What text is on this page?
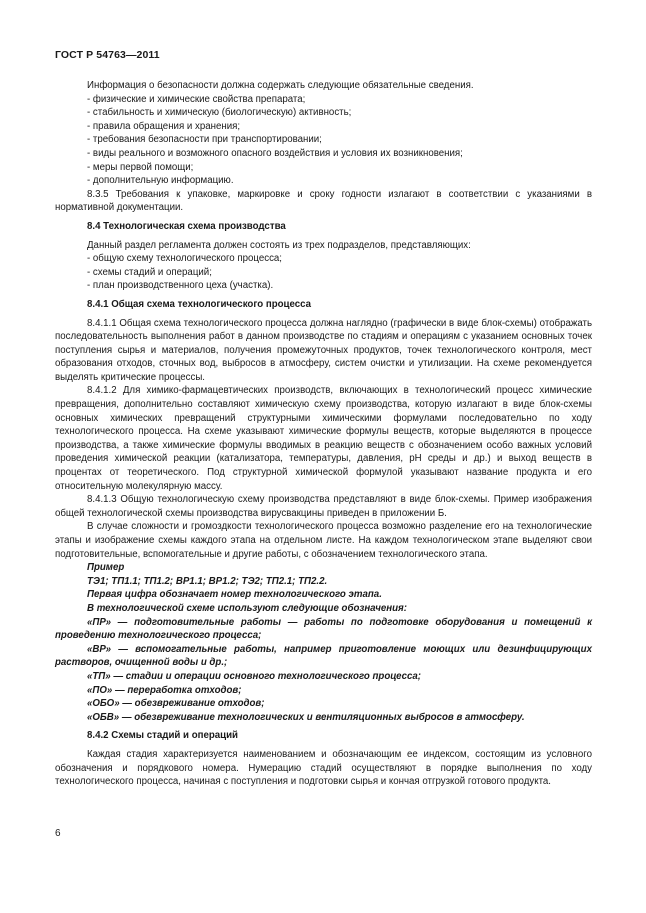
ГОСТ Р 54763—2011

Информация о безопасности должна содержать следующие обязательные сведения.

- физические и химические свойства препарата;

- стабильность и химическую (биологическую) активность;

- правила обращения и хранения;

- требования безопасности при транспортировании;

- виды реального и возможного опасного воздействия и условия их возникновения;

- меры первой помощи;

- дополнительную информацию.

8.3.5 Требования к упаковке, маркировке и сроку годности излагают в соответствии с указаниями в нормативной документации.

8.4 Технологическая схема производства

Данный раздел регламента должен состоять из трех подразделов, представляющих:

- общую схему технологического процесса;

- схемы стадий и операций;

- план производственного цеха (участка).

8.4.1 Общая схема технологического процесса

8.4.1.1 Общая схема технологического процесса должна наглядно (графически в виде блок-схемы) отображать последовательность выполнения работ в данном производстве по стадиям и операциям с указанием основных точек поступления сырья и материалов, получения промежуточных продуктов, точек технологического контроля, мест образования отходов, сточных вод, выбросов в атмосферу, систем очистки и утилизации. На схеме рекомендуется выделять критические процессы.

8.4.1.2 Для химико-фармацевтических производств, включающих в технологический процесс химические превращения, дополнительно составляют химическую схему производства, которую излагают в виде блок-схемы основных химических превращений структурными химическими формулами последовательно по ходу технологического процесса. На схеме указывают химические формулы веществ, которые выделяются в процессе производства, а также химические формулы вводимых в реакцию веществ с обозначением особо важных условий проведения химической реакции (катализатора, температуры, давления, pH среды и др.) и выход веществ в процентах от теоретического. Под структурной химической формулой указывают название продукта и его относительную молекулярную массу.

8.4.1.3 Общую технологическую схему производства представляют в виде блок-схемы. Пример изображения общей технологической схемы производства вирусвакцины приведен в приложении Б.

В случае сложности и громоздкости технологического процесса возможно разделение его на технологические этапы и изображение схемы каждого этапа на отдельном листе. На каждом технологическом этапе выделяют свои подготовительные, вспомогательные и другие работы, с обозначением технологического этапа.

Пример

ТЭ1; ТП1.1; ТП1.2; ВР1.1; ВР1.2; ТЭ2; ТП2.1; ТП2.2.

Первая цифра обозначает номер технологического этапа.

В технологической схеме используют следующие обозначения:

«ПР» — подготовительные работы — работы по подготовке оборудования и помещений к проведению технологического процесса;

«ВР» — вспомогательные работы, например приготовление моющих или дезинфицирующих растворов, очищенной воды и др.;

«ТП» — стадии и операции основного технологического процесса;

«ПО» — переработка отходов;

«ОБО» — обезвреживание отходов;

«ОБВ» — обезвреживание технологических и вентиляционных выбросов в атмосферу.

8.4.2 Схемы стадий и операций

Каждая стадия характеризуется наименованием и обозначающим ее индексом, состоящим из условного обозначения и порядкового номера. Нумерацию стадий осуществляют в порядке выполнения по ходу технологического процесса, начиная с поступления и подготовки сырья и кончая отгрузкой готового продукта.

6
